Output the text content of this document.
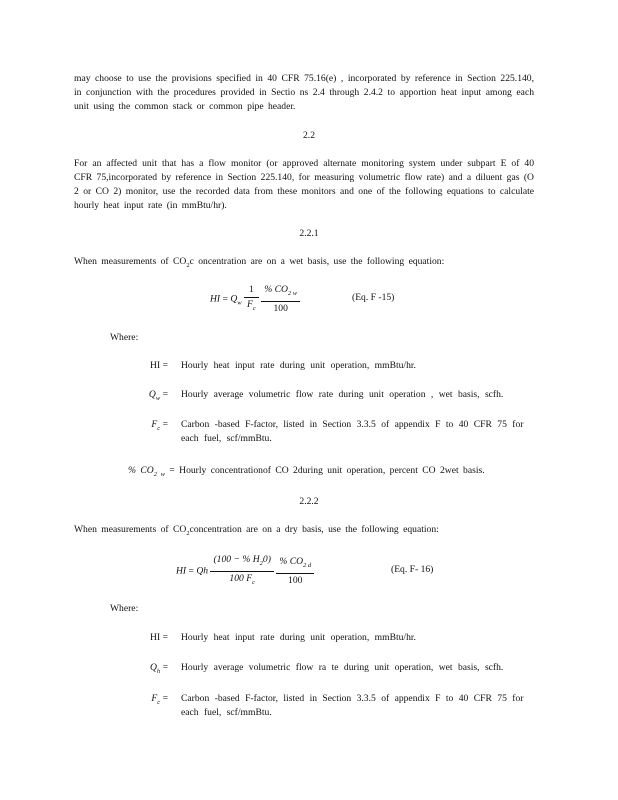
may choose to use the provisions specified in 40 CFR 75.16(e) , incorporated by reference in Section 225.140, in conjunction with the procedures provided in Sectio ns 2.4 through 2.4.2 to apportion heat input among each unit using the common stack or common pipe header.
2.2
For an affected unit that has a flow monitor (or approved alternate monitoring system under subpart E of 40 CFR 75,incorporated by reference in Section 225.140, for measuring volumetric flow rate) and a diluent gas (O 2 or CO 2) monitor, use the recorded data from these monitors and one of the following equations to calculate hourly heat input rate (in mmBtu/hr).
2.2.1
When measurements of $CO_2c$ oncentration are on a wet basis, use the following equation:
HI = $Q_w \frac{1}{F_c}$
$\frac{\% CO_{2 w}}{100}$	(Eq. F -15)
Where:
HI = Hourly heat input rate during unit operation, mmBtu/hr.
$Q_w$ = Hourly average volumetric flow rate during unit operation , wet basis, scfh.
$F_c$ = Carbon -based F-factor, listed in Section 3.3.5 of appendix F to 40 CFR 75 for each fuel, scf/mmBtu.
% $CO_{2 w}$ = Hourly concentrationof CO 2during unit operation, percent CO 2wet basis.
2.2.2
When measurements of $CO_2concentration$ are on a dry basis, use the following equation:
HI = Qh $\frac{(100 - \% H_20)}{100 F_c}$
$\frac{\% CO_{2 d}}{100}$	(Eq. F- 16)
Where:
HI = Hourly heat input rate during unit operation, mmBtu/hr.
$Q_h$ = Hourly average volumetric flow ra te during unit operation, wet basis, scfh.
$F_c$ = Carbon -based F-factor, listed in Section 3.3.5 of appendix F to 40 CFR 75 for each fuel, scf/mmBtu.
